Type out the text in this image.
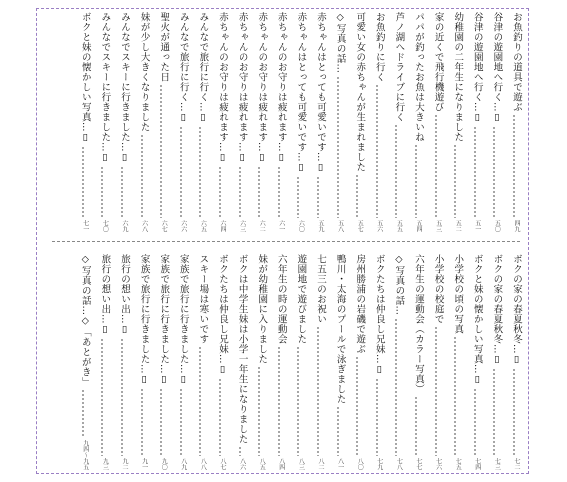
お魚釣りの道具で遊ぶ
四九
谷津の遊園地へ行く…▯
五〇
谷津の遊園地へ行く…▯
五一
幼稚園の二年生になりました
五二
家の近くで飛行機遊び
五三
パパが釣ったお魚は大きいね
五四
芦ノ湖へドライブに行く
五五
お魚釣りに行く
五六
可愛い女の赤ちゃんが生まれました
五七
◇写真の話…
五八
赤ちゃんはとっても可愛いです…▯
五九
赤ちゃんはとっても可愛いです…▯
六〇
赤ちゃんのお守りは疲れます…▯
六一
赤ちゃんのお守りは疲れます…▯
六二
赤ちゃんのお守りは疲れます…▯
六三
赤ちゃんのお守りは疲れます…▯
六四
みんなで旅行に行く…▯
六五
みんなで旅行に行く…▯
六六
聖火が通った日
六七
妹が少し大きくなりました
六八
みんなでスキーに行きました…▯
六九
みんなでスキーに行きました…▯
七〇
ボクと妹の懐かしい写真…▯
七一
ボクの家の春夏秋冬…▯
七二
ボクの家の春夏秋冬…▯
七三
ボクと妹の懐かしい写真…▯
七四
小学校の頃の写真
七五
小学校の校庭で
七六
六年生の運動会（カラー写真）
七七
◇写真の話…
七八
ボクたちは仲良し兄妹…▯
七九
房州勝浦の岩磯で遊ぶ
八〇
鴨川・太海のプールで泳ぎました
八一
七五三のお祝い
八二
遊園地で遊びました
八三
六年生の時の運動会
八四
妹が幼稚園に入りました
八五
ボクは中学生妹は小学一年生になりました
八六
ボクたちは仲良し兄妹…▯
八七
スキー場は寒いです
八八
家族で旅行に行きました…▯
八九
家族で旅行に行きました…▯
九〇
家族で旅行に行きました…▯
九一
旅行の想い出…▯
九二
旅行の想い出…▯
九三
◇写真の話…◇「あとがき」
九四〜九五
